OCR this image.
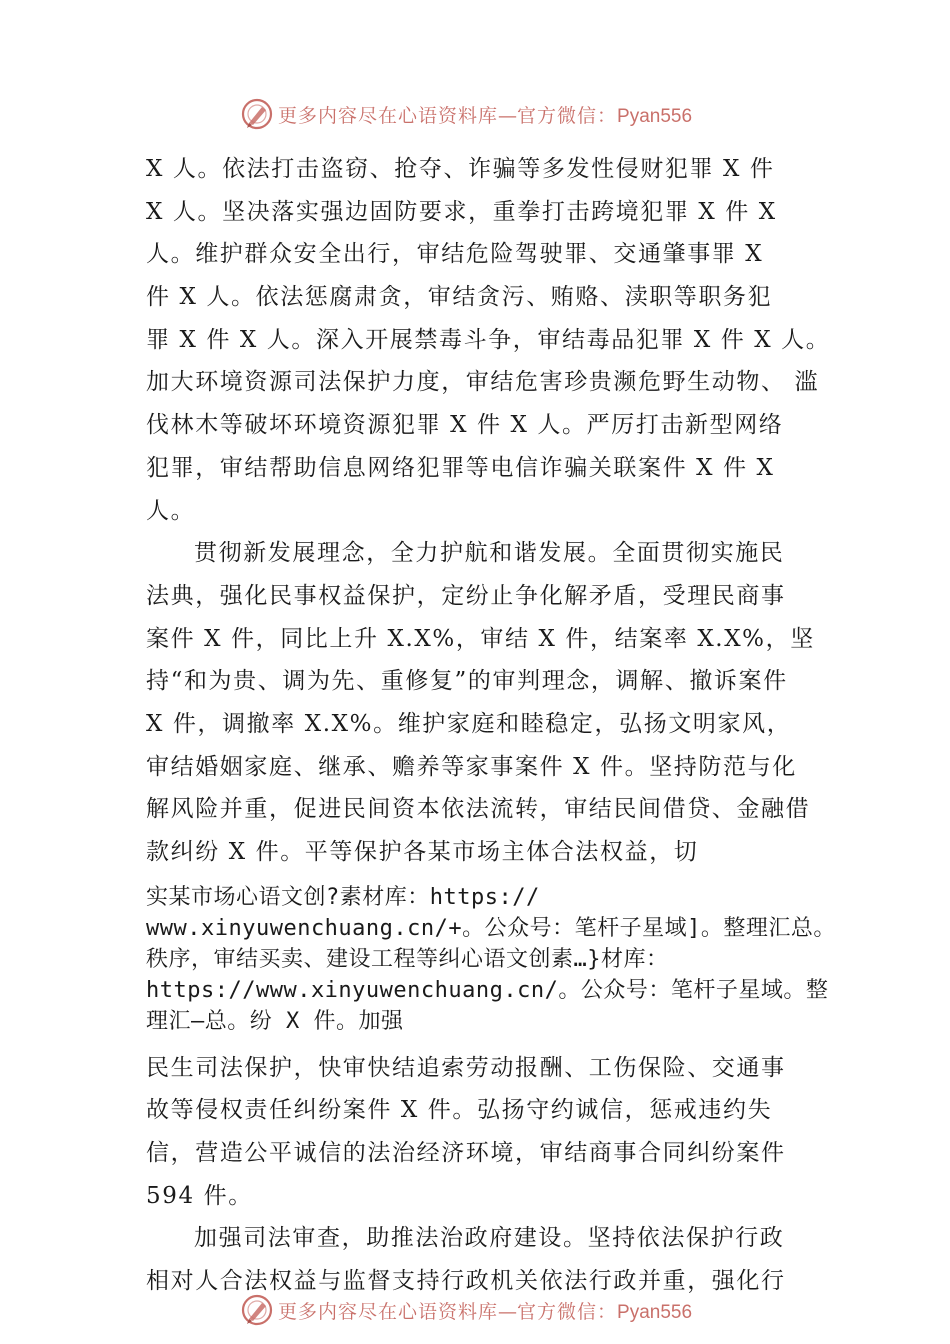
更多内容尽在心语资料库—官方微信：Pyan556
X 人。依法打击盗窃、抢夺、诈骗等多发性侵财犯罪 X 件
X 人。坚决落实强边固防要求，重拳打击跨境犯罪 X 件 X
人。维护群众安全出行，审结危险驾驶罪、交通肇事罪 X
件 X 人。依法惩腐肃贪，审结贪污、贿赂、渎职等职务犯
罪 X 件 X 人。深入开展禁毒斗争，审结毒品犯罪 X 件 X 人。
加大环境资源司法保护力度，审结危害珍贵濒危野生动物、 滥
伐林木等破坏环境资源犯罪 X 件 X 人。严厉打击新型网络
犯罪，审结帮助信息网络犯罪等电信诈骗关联案件 X 件 X
人。
贯彻新发展理念，全力护航和谐发展。全面贯彻实施民
法典，强化民事权益保护，定纷止争化解矛盾，受理民商事
案件 X 件，同比上升 X.X%，审结 X 件，结案率 X.X%，坚
持“和为贵、调为先、重修复”的审判理念，调解、撤诉案件
X 件，调撤率 X.X%。维护家庭和睦稳定，弘扬文明家风，
审结婚姻家庭、继承、赡养等家事案件 X 件。坚持防范与化
解风险并重，促进民间资本依法流转，审结民间借贷、金融借
款纠纷 X 件。平等保护各某市场主体合法权益，切
实某市场心语文创?素材库：https://
www.xinyuwenchuang.cn/+。公众号：笔杆子星域]。整理汇总。
秩序，审结买卖、建设工程等纠心语文创素…}材库：
https://www.xinyuwenchuang.cn/。公众号：笔杆子星域。整
理汇—总。纷 X 件。加强
民生司法保护，快审快结追索劳动报酬、工伤保险、交通事
故等侵权责任纠纷案件 X 件。弘扬守约诚信，惩戒违约失
信，营造公平诚信的法治经济环境，审结商事合同纠纷案件
594 件。
加强司法审查，助推法治政府建设。坚持依法保护行政
相对人合法权益与监督支持行政机关依法行政并重，强化行
更多内容尽在心语资料库—官方微信：Pyan556
